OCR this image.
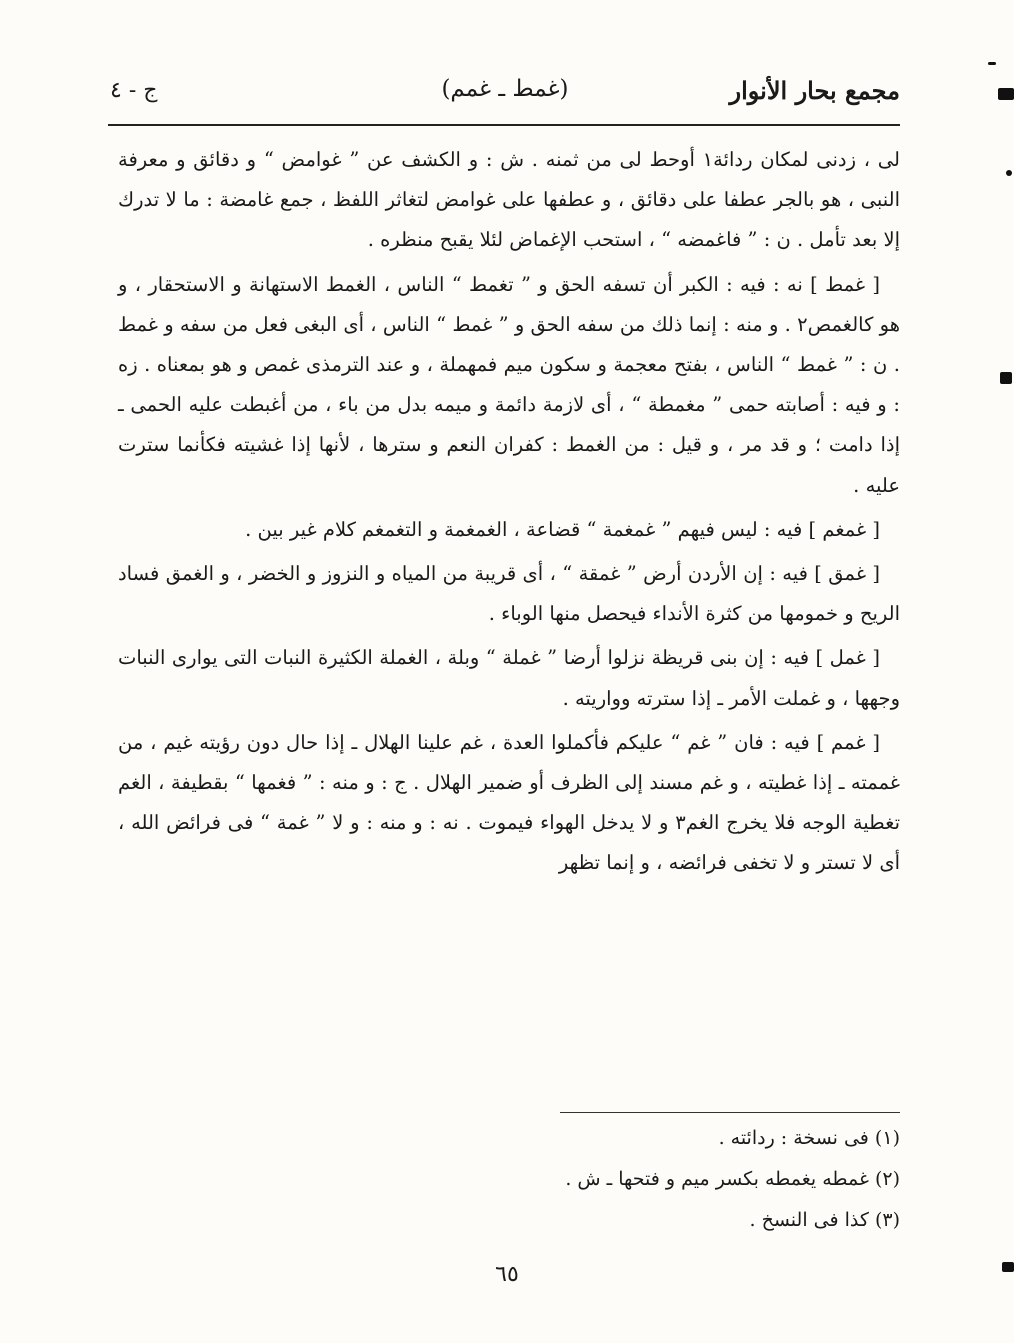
مجمع بحار الأنوار
(غمط ـ غمم)
ج - ٤

لى ، زدنى لمكان ردائة١ أوحط لى من ثمنه . ش : و الكشف عن ” غوامض “ و دقائق و معرفة النبى ، هو بالجر عطفا على دقائق ، و عطفها على غوامض لتغاثر اللفظ ، جمع غامضة : ما لا تدرك إلا بعد تأمل . ن : ” فاغمضه “ ، استحب الإغماض لئلا يقبح منظره .

[ غمط ] نه : فيه : الكبر أن تسفه الحق و ” تغمط “ الناس ، الغمط الاستهانة و الاستحقار ، و هو كالغمص٢ . و منه : إنما ذلك من سفه الحق و ” غمط “ الناس ، أى البغى فعل من سفه و غمط . ن : ” غمط “ الناس ، بفتح معجمة و سكون ميم فمهملة ، و عند الترمذى غمص و هو بمعناه . زه : و فيه : أصابته حمى ” مغمطة “ ، أى لازمة دائمة و ميمه بدل من باء ، من أغبطت عليه الحمى ـ إذا دامت ؛ و قد مر ، و قيل : من الغمط : كفران النعم و سترها ، لأنها إذا غشيته فكأنما سترت عليه .

[ غمغم ] فيه : ليس فيهم ” غمغمة “ قضاعة ، الغمغمة و التغمغم كلام غير بين .

[ غمق ] فيه : إن الأردن أرض ” غمقة “ ، أى قريبة من المياه و النزوز و الخضر ، و الغمق فساد الريح و خمومها من كثرة الأنداء فيحصل منها الوباء .

[ غمل ] فيه : إن بنى قريظة نزلوا أرضا ” غملة “ وبلة ، الغملة الكثيرة النبات التى يوارى النبات وجهها ، و غملت الأمر ـ إذا سترته وواريته .

[ غمم ] فيه : فان ” غم “ عليكم فأكملوا العدة ، غم علينا الهلال ـ إذا حال دون رؤيته غيم ، من غممته ـ إذا غطيته ، و غم مسند إلى الظرف أو ضمير الهلال . ج : و منه : ” فغمها “ بقطيفة ، الغم تغطية الوجه فلا يخرج الغم٣ و لا يدخل الهواء فيموت . نه : و منه : و لا ” غمة “ فى فرائض الله ، أى لا تستر و لا تخفى فرائضه ، و إنما تظهر

(١) فى نسخة : ردائته .
(٢) غمطه يغمطه بكسر ميم و فتحها ـ ش .
(٣) كذا فى النسخ .
٦٥
